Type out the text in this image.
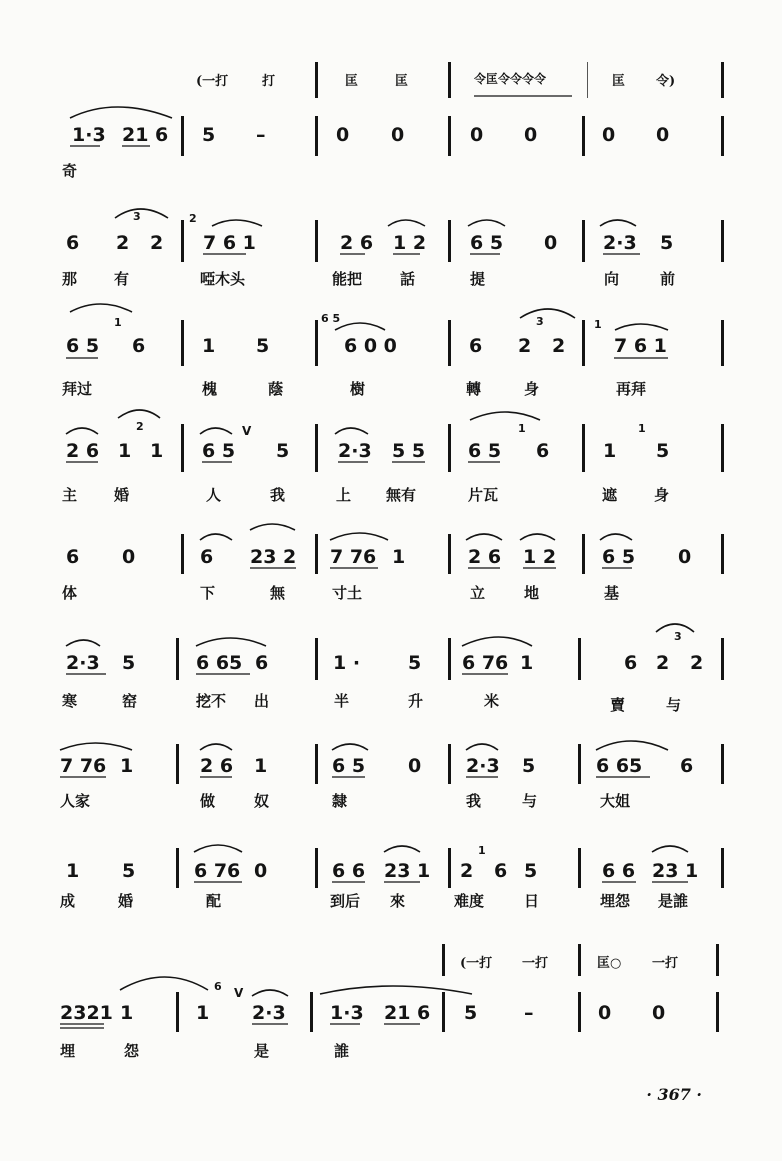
(一打	打	匡	匡	令匡令令令令	匡 令)
1·3 21 6 5 –	0 0	0 0	0 0
奇
6 2
3
2
2
7 6 1	2 6 1 2 6 5 0 2·3 5
那 有	啞木头	能把	話	提	向	前
6 5
1
6	1 5
6 5
6 0 0	6 2
3
2
1
7 6 1
拜过	槐	蔭	樹	轉	身	再拜
2 6 1
2
1 6 5
V
5	2·3 5 5 6 5
1
6	1
1
5
主 婚	人	我	上 無有	片瓦	遮 身
6 0	6 23 2 7 76 1	2 6 1 2 6 5 0
体	下	無	寸土	立	地	基
2·3 5	6 65 6	1 ·	5 6 76 1	6 2
3
2
寒	窑	挖不 出	半	升	米	賣	与
7 76 1	2 6 1	6 5 0 2·3 5	6 65 6
人家	做	奴	隸	我	与	大姐
1 5	6 76 0	6 6 23 1 2
1
6 5	6 6 23 1
成	婚	配	到后 來	难度	日	埋怨 是誰
(一打 一打	匡○ 一打
2321 1	1
6 V
2·3 1·3 21 6 5 –	0 0
埋	怨	是	誰
· 367 ·
